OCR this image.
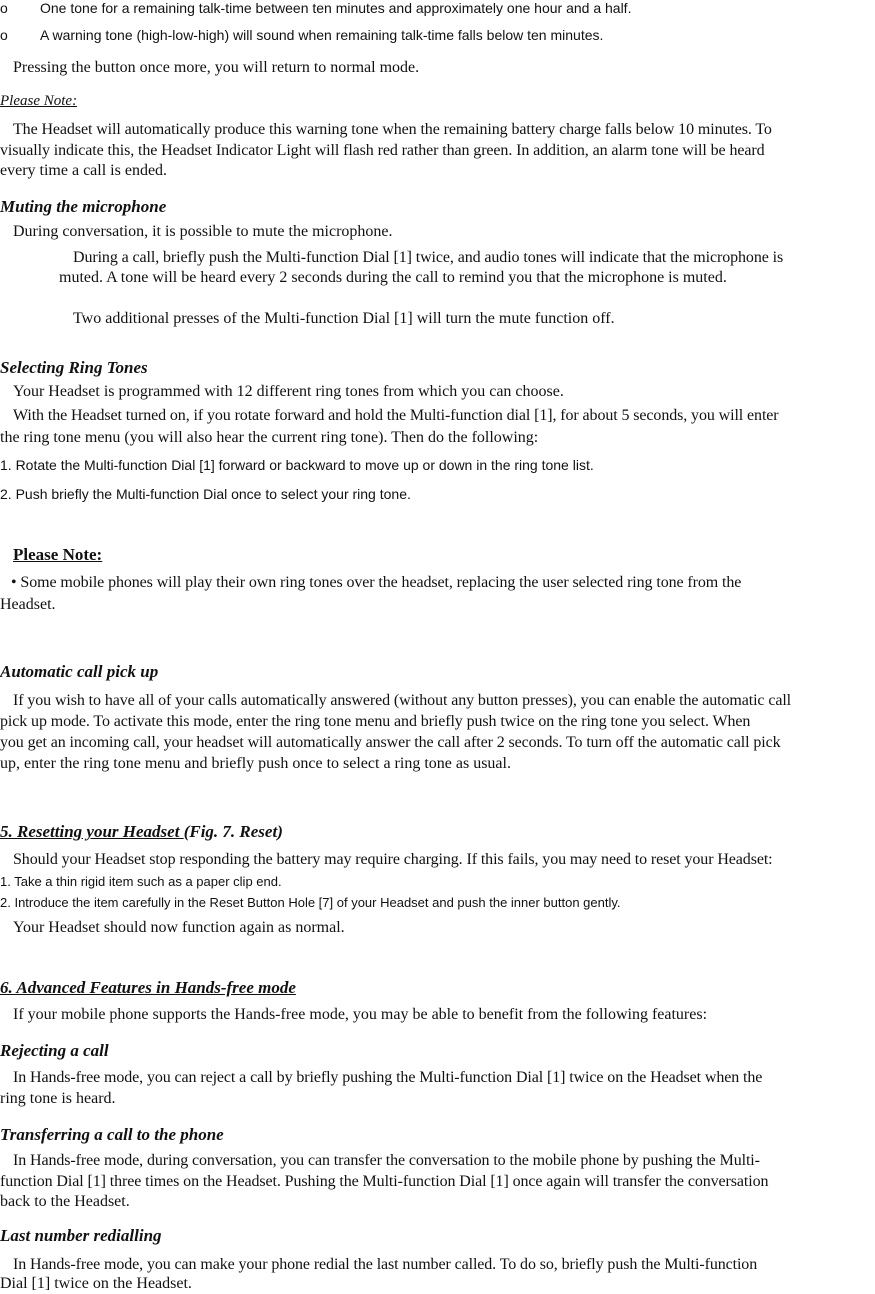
o One tone for a remaining talk-time between ten minutes and approximately one hour and a half.
o A warning tone (high-low-high) will sound when remaining talk-time falls below ten minutes.
Pressing the button once more, you will return to normal mode.
Please Note:
The Headset will automatically produce this warning tone when the remaining battery charge falls below 10 minutes. To
visually indicate this, the Headset Indicator Light will flash red rather than green. In addition, an alarm tone will be heard
every time a call is ended.
Muting the microphone
During conversation, it is possible to mute the microphone.
During a call, briefly push the Multi-function Dial [1] twice, and audio tones will indicate that the microphone is
muted. A tone will be heard every 2 seconds during the call to remind you that the microphone is muted.
Two additional presses of the Multi-function Dial [1] will turn the mute function off.
Selecting Ring Tones
Your Headset is programmed with 12 different ring tones from which you can choose.
With the Headset turned on, if you rotate forward and hold the Multi-function dial [1], for about 5 seconds, you will enter
the ring tone menu (you will also hear the current ring tone). Then do the following:
1. Rotate the Multi-function Dial [1] forward or backward to move up or down in the ring tone list.
2. Push briefly the Multi-function Dial once to select your ring tone.
Please Note:
• Some mobile phones will play their own ring tones over the headset, replacing the user selected ring tone from the
Headset.
Automatic call pick up
If you wish to have all of your calls automatically answered (without any button presses), you can enable the automatic call
pick up mode. To activate this mode, enter the ring tone menu and briefly push twice on the ring tone you select. When
you get an incoming call, your headset will automatically answer the call after 2 seconds. To turn off the automatic call pick
up, enter the ring tone menu and briefly push once to select a ring tone as usual.
5. Resetting your Headset (Fig. 7. Reset)
Should your Headset stop responding the battery may require charging. If this fails, you may need to reset your Headset:
1. Take a thin rigid item such as a paper clip end.
2. Introduce the item carefully in the Reset Button Hole [7] of your Headset and push the inner button gently.
Your Headset should now function again as normal.
6. Advanced Features in Hands-free mode
If your mobile phone supports the Hands-free mode, you may be able to benefit from the following features:
Rejecting a call
In Hands-free mode, you can reject a call by briefly pushing the Multi-function Dial [1] twice on the Headset when the
ring tone is heard.
Transferring a call to the phone
In Hands-free mode, during conversation, you can transfer the conversation to the mobile phone by pushing the Multi-
function Dial [1] three times on the Headset. Pushing the Multi-function Dial [1] once again will transfer the conversation
back to the Headset.
Last number redialling
In Hands-free mode, you can make your phone redial the last number called. To do so, briefly push the Multi-function
Dial [1] twice on the Headset.
